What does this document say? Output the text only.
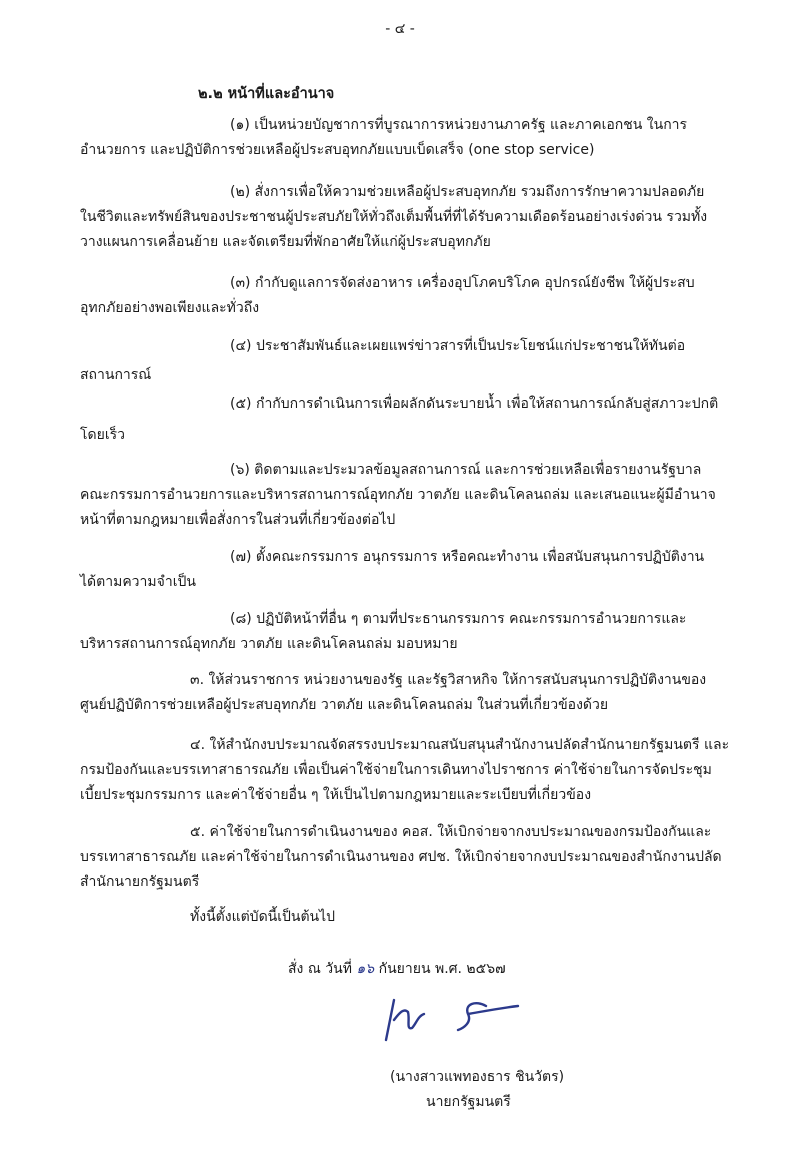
- ๔ -
๒.๒ หน้าที่และอำนาจ
(๑) เป็นหน่วยบัญชาการที่บูรณาการหน่วยงานภาครัฐ และภาคเอกชน ในการ
อำนวยการ และปฏิบัติการช่วยเหลือผู้ประสบอุทกภัยแบบเบ็ดเสร็จ (one stop service)
(๒) สั่งการเพื่อให้ความช่วยเหลือผู้ประสบอุทกภัย รวมถึงการรักษาความปลอดภัย
ในชีวิตและทรัพย์สินของประชาชนผู้ประสบภัยให้ทั่วถึงเต็มพื้นที่ที่ได้รับความเดือดร้อนอย่างเร่งด่วน รวมทั้ง
วางแผนการเคลื่อนย้าย และจัดเตรียมที่พักอาศัยให้แก่ผู้ประสบอุทกภัย
(๓) กำกับดูแลการจัดส่งอาหาร เครื่องอุปโภคบริโภค อุปกรณ์ยังชีพ ให้ผู้ประสบ
อุทกภัยอย่างพอเพียงและทั่วถึง
(๔) ประชาสัมพันธ์และเผยแพร่ข่าวสารที่เป็นประโยชน์แก่ประชาชนให้ทันต่อ
สถานการณ์
(๕) กำกับการดำเนินการเพื่อผลักดันระบายน้ำ เพื่อให้สถานการณ์กลับสู่สภาวะปกติ
โดยเร็ว
(๖) ติดตามและประมวลข้อมูลสถานการณ์ และการช่วยเหลือเพื่อรายงานรัฐบาล
คณะกรรมการอำนวยการและบริหารสถานการณ์อุทกภัย วาตภัย และดินโคลนถล่ม และเสนอแนะผู้มีอำนาจ
หน้าที่ตามกฎหมายเพื่อสั่งการในส่วนที่เกี่ยวข้องต่อไป
(๗) ตั้งคณะกรรมการ อนุกรรมการ หรือคณะทำงาน เพื่อสนับสนุนการปฏิบัติงาน
ได้ตามความจำเป็น
(๘) ปฏิบัติหน้าที่อื่น ๆ ตามที่ประธานกรรมการ คณะกรรมการอำนวยการและ
บริหารสถานการณ์อุทกภัย วาตภัย และดินโคลนถล่ม มอบหมาย
๓. ให้ส่วนราชการ หน่วยงานของรัฐ และรัฐวิสาหกิจ ให้การสนับสนุนการปฏิบัติงานของ
ศูนย์ปฏิบัติการช่วยเหลือผู้ประสบอุทกภัย วาตภัย และดินโคลนถล่ม ในส่วนที่เกี่ยวข้องด้วย
๔. ให้สำนักงบประมาณจัดสรรงบประมาณสนับสนุนสำนักงานปลัดสำนักนายกรัฐมนตรี และ
กรมป้องกันและบรรเทาสาธารณภัย เพื่อเป็นค่าใช้จ่ายในการเดินทางไปราชการ ค่าใช้จ่ายในการจัดประชุม
เบี้ยประชุมกรรมการ และค่าใช้จ่ายอื่น ๆ ให้เป็นไปตามกฎหมายและระเบียบที่เกี่ยวข้อง
๕. ค่าใช้จ่ายในการดำเนินงานของ คอส. ให้เบิกจ่ายจากงบประมาณของกรมป้องกันและ
บรรเทาสาธารณภัย และค่าใช้จ่ายในการดำเนินงานของ ศปช. ให้เบิกจ่ายจากงบประมาณของสำนักงานปลัด
สำนักนายกรัฐมนตรี
ทั้งนี้ตั้งแต่บัดนี้เป็นต้นไป
สั่ง ณ วันที่ ๑๖ กันยายน พ.ศ. ๒๕๖๗
(นางสาวแพทองธาร ชินวัตร)
นายกรัฐมนตรี
